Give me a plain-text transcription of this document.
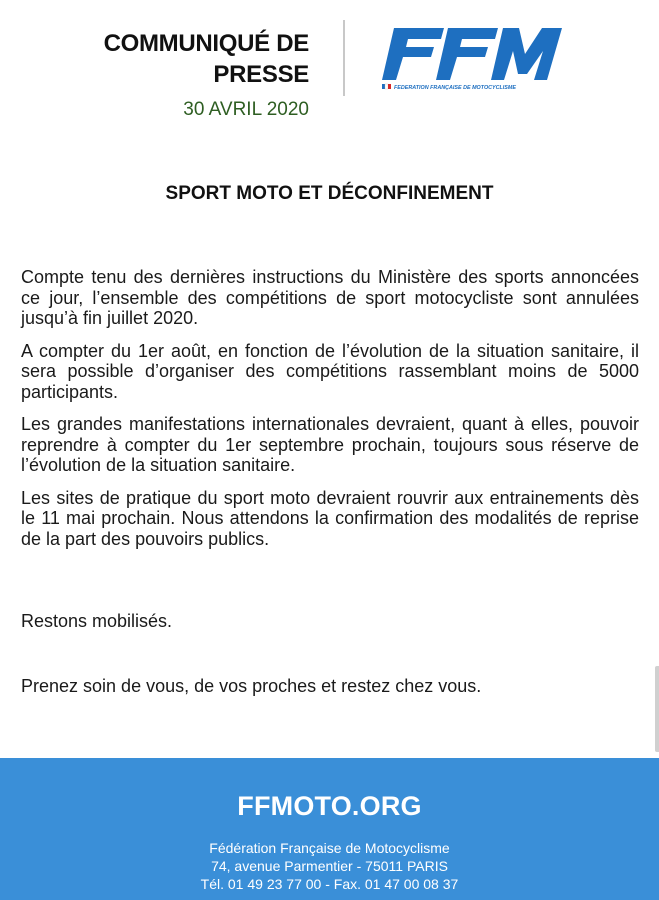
COMMUNIQUÉ DE
PRESSE
30 AVRIL 2020
FEDERATION FRANÇAISE DE MOTOCYCLISME
SPORT MOTO ET DÉCONFINEMENT

Compte tenu des dernières instructions du Ministère des sports annoncées ce jour, l’ensemble des compétitions de sport motocycliste sont annulées jusqu’à fin juillet 2020.

A compter du 1er août, en fonction de l’évolution de la situation sanitaire, il sera possible d’organiser des compétitions rassemblant moins de 5000 participants.

Les grandes manifestations internationales devraient, quant à elles, pouvoir reprendre à compter du 1er septembre prochain, toujours sous réserve de l’évolution de la situation sanitaire.

Les sites de pratique du sport moto devraient rouvrir aux entrainements dès le 11 mai prochain. Nous attendons la confirmation des modalités de reprise de la part des pouvoirs publics.

Restons mobilisés.
Prenez soin de vous, de vos proches et restez chez vous.
FFMOTO.ORG
Fédération Française de Motocyclisme
74, avenue Parmentier - 75011 PARIS
Tél. 01 49 23 77 00 - Fax. 01 47 00 08 37
